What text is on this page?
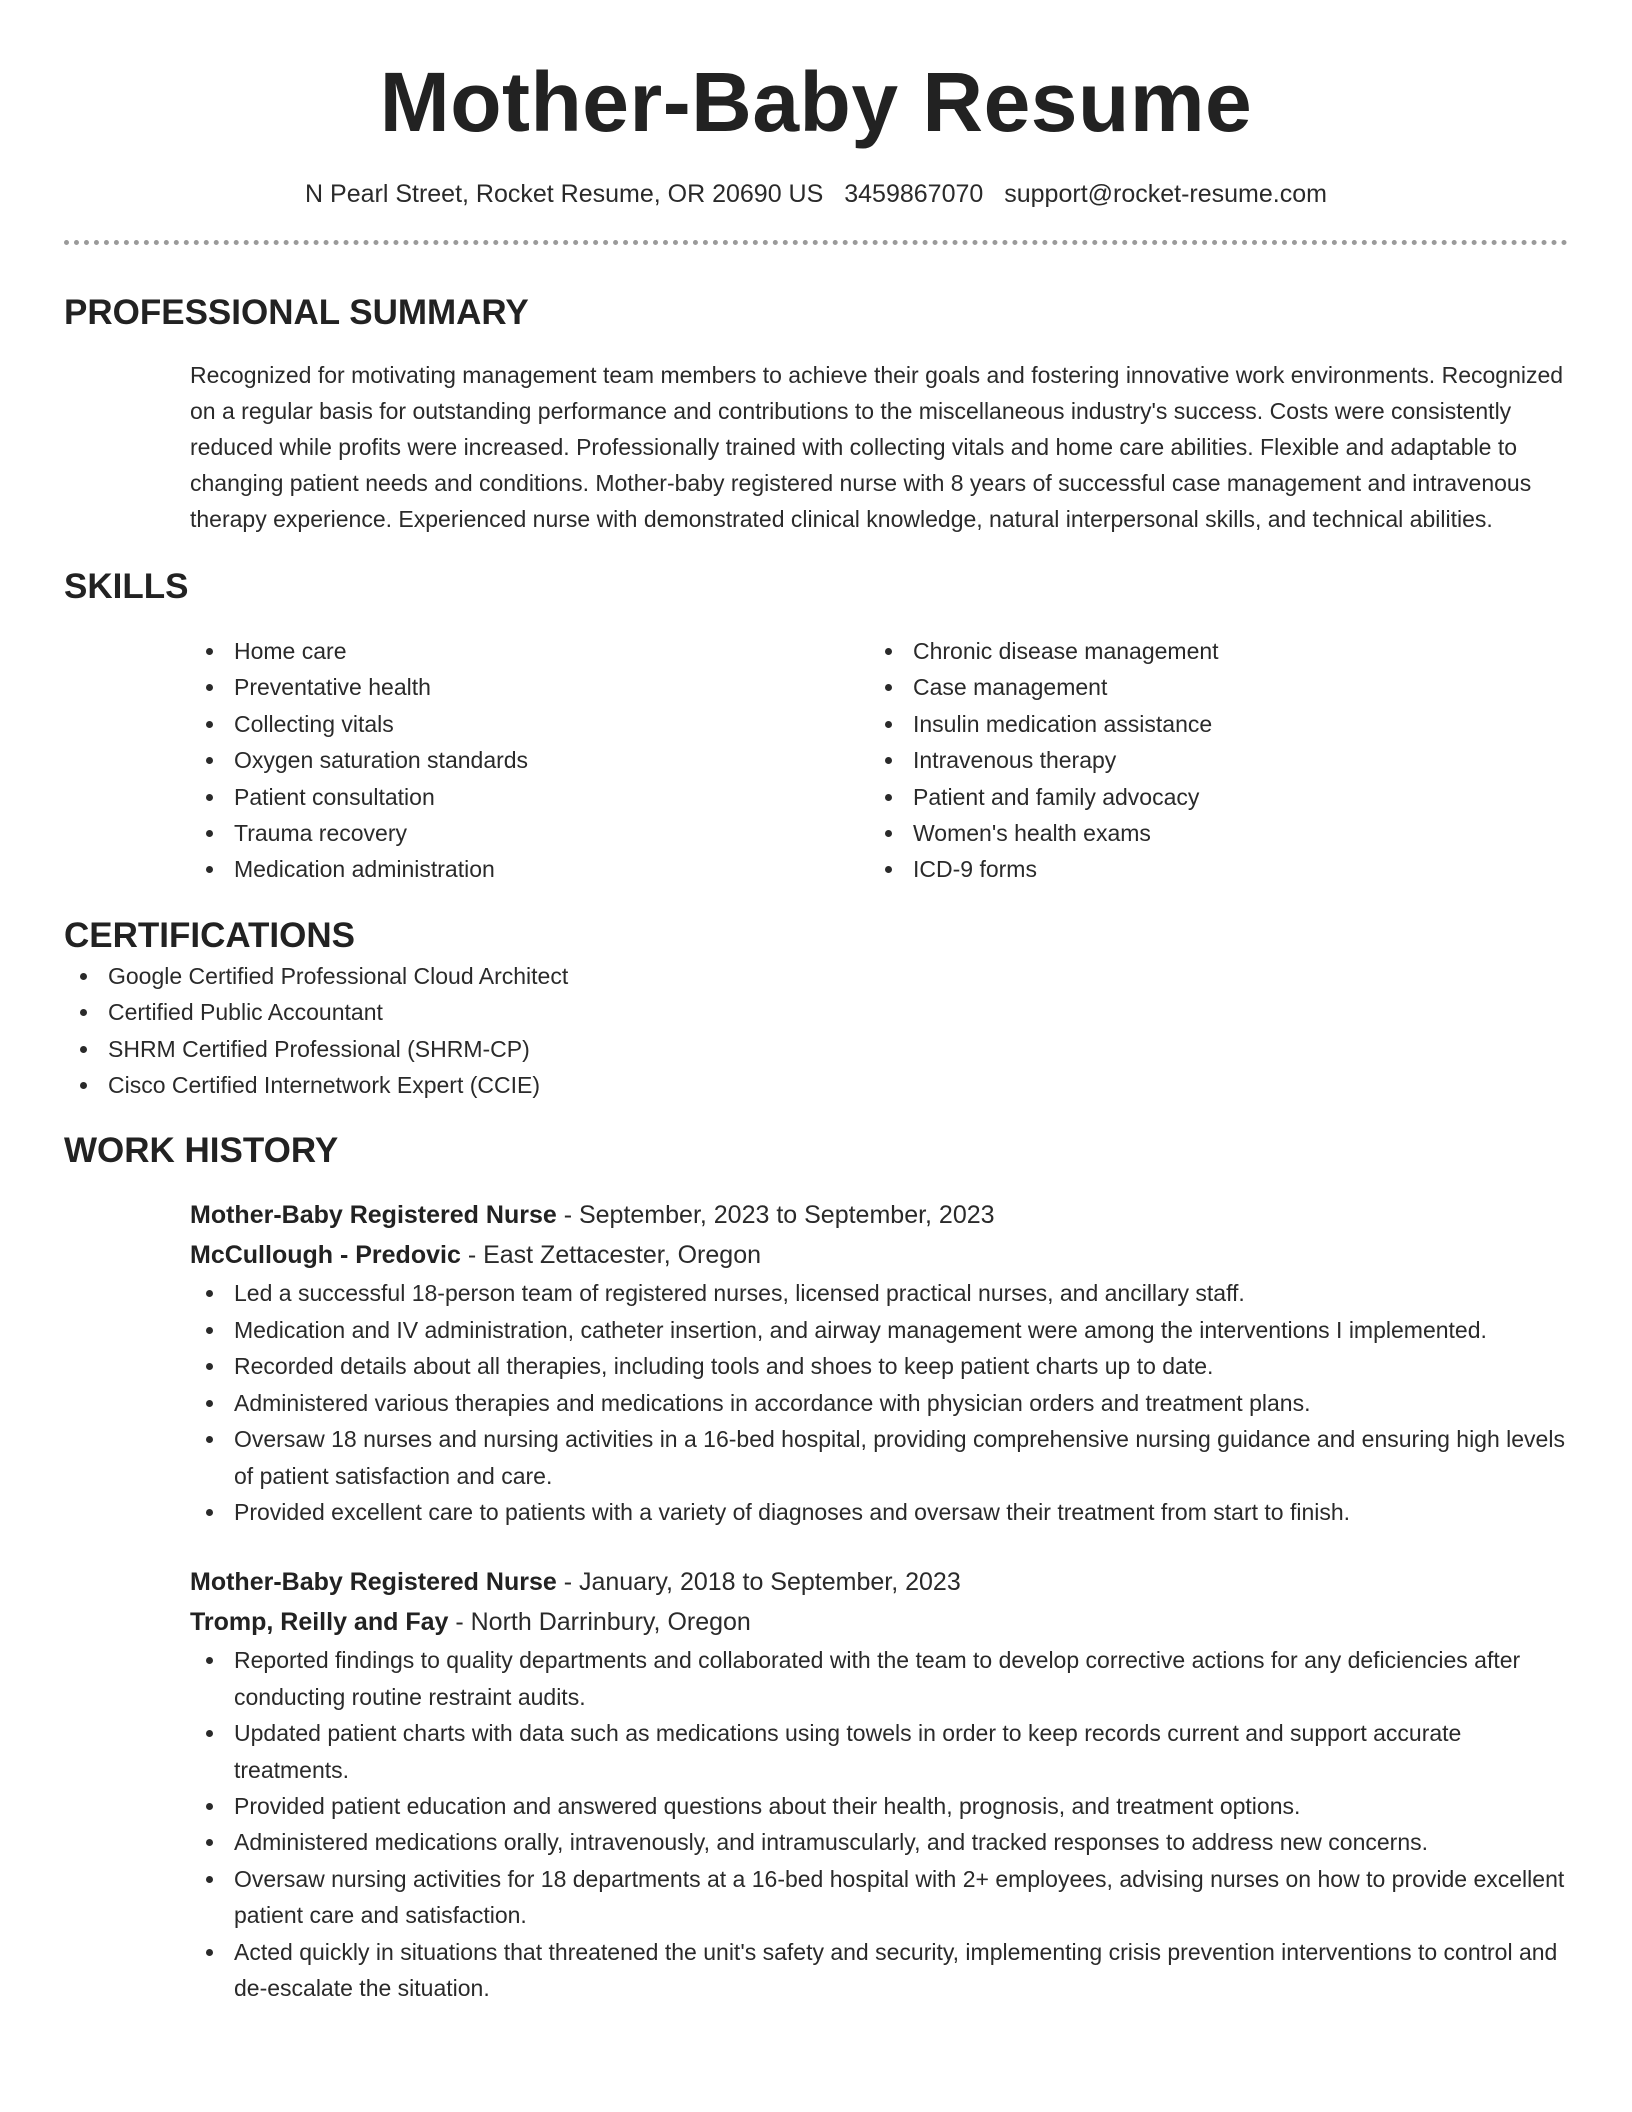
Mother-Baby Resume
N Pearl Street, Rocket Resume, OR 20690 US 3459867070 support@rocket-resume.com
PROFESSIONAL SUMMARY

Recognized for motivating management team members to achieve their goals and fostering innovative work environments. Recognized on a regular basis for outstanding performance and contributions to the miscellaneous industry's success. Costs were consistently reduced while profits were increased. Professionally trained with collecting vitals and home care abilities. Flexible and adaptable to changing patient needs and conditions. Mother-baby registered nurse with 8 years of successful case management and intravenous therapy experience. Experienced nurse with demonstrated clinical knowledge, natural interpersonal skills, and technical abilities.

SKILLS
Home care
Preventative health
Collecting vitals
Oxygen saturation standards
Patient consultation
Trauma recovery
Medication administration
Chronic disease management
Case management
Insulin medication assistance
Intravenous therapy
Patient and family advocacy
Women's health exams
ICD-9 forms
CERTIFICATIONS
Google Certified Professional Cloud Architect
Certified Public Accountant
SHRM Certified Professional (SHRM-CP)
Cisco Certified Internetwork Expert (CCIE)
WORK HISTORY
Mother-Baby Registered Nurse - September, 2023 to September, 2023
McCullough - Predovic - East Zettacester, Oregon
Led a successful 18-person team of registered nurses, licensed practical nurses, and ancillary staff.
Medication and IV administration, catheter insertion, and airway management were among the interventions I implemented.
Recorded details about all therapies, including tools and shoes to keep patient charts up to date.
Administered various therapies and medications in accordance with physician orders and treatment plans.
Oversaw 18 nurses and nursing activities in a 16-bed hospital, providing comprehensive nursing guidance and ensuring high levels of patient satisfaction and care.
Provided excellent care to patients with a variety of diagnoses and oversaw their treatment from start to finish.
Mother-Baby Registered Nurse - January, 2018 to September, 2023
Tromp, Reilly and Fay - North Darrinbury, Oregon
Reported findings to quality departments and collaborated with the team to develop corrective actions for any deficiencies after conducting routine restraint audits.
Updated patient charts with data such as medications using towels in order to keep records current and support accurate treatments.
Provided patient education and answered questions about their health, prognosis, and treatment options.
Administered medications orally, intravenously, and intramuscularly, and tracked responses to address new concerns.
Oversaw nursing activities for 18 departments at a 16-bed hospital with 2+ employees, advising nurses on how to provide excellent patient care and satisfaction.
Acted quickly in situations that threatened the unit's safety and security, implementing crisis prevention interventions to control and de-escalate the situation.
